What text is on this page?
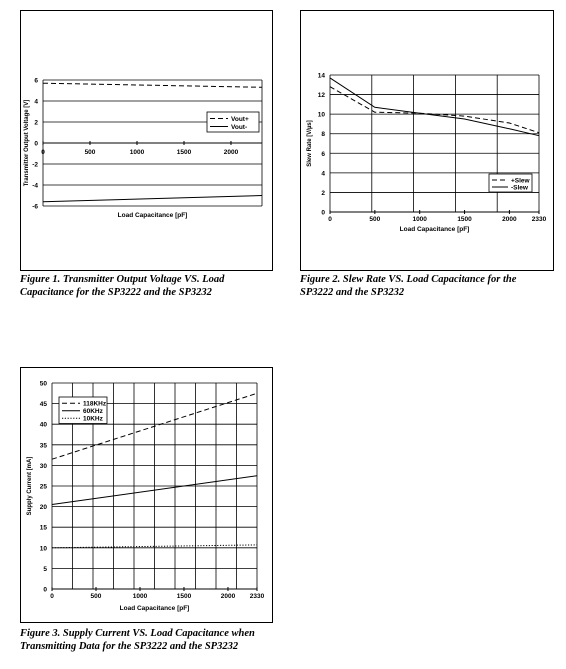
-6
-4
-2
0
2
4
6
0	500	1000	1500	2000
Load Capacitance [pF]
Transmitter Output Voltage [V]	Vout+
Vout-
Figure 1. Transmitter Output Voltage VS. Load
Capacitance for the SP3222 and the SP3232
0
2
4
6
8
10
12
14
0	500	1000	1500	2000 2330
Load Capacitance [pF]
Slew Rate [V/µs]
+Slew
-Slew
Figure 2. Slew Rate VS. Load Capacitance for the
SP3222 and the SP3232
0
5
10
15
20
25
30
35
40
45
50
0	500	1000	1500	2000 2330
Load Capacitance [pF]
Supply Current [mA]
118KHz
60KHz
10KHz
Figure 3. Supply Current VS. Load Capacitance when
Transmitting Data for the SP3222 and the SP3232
